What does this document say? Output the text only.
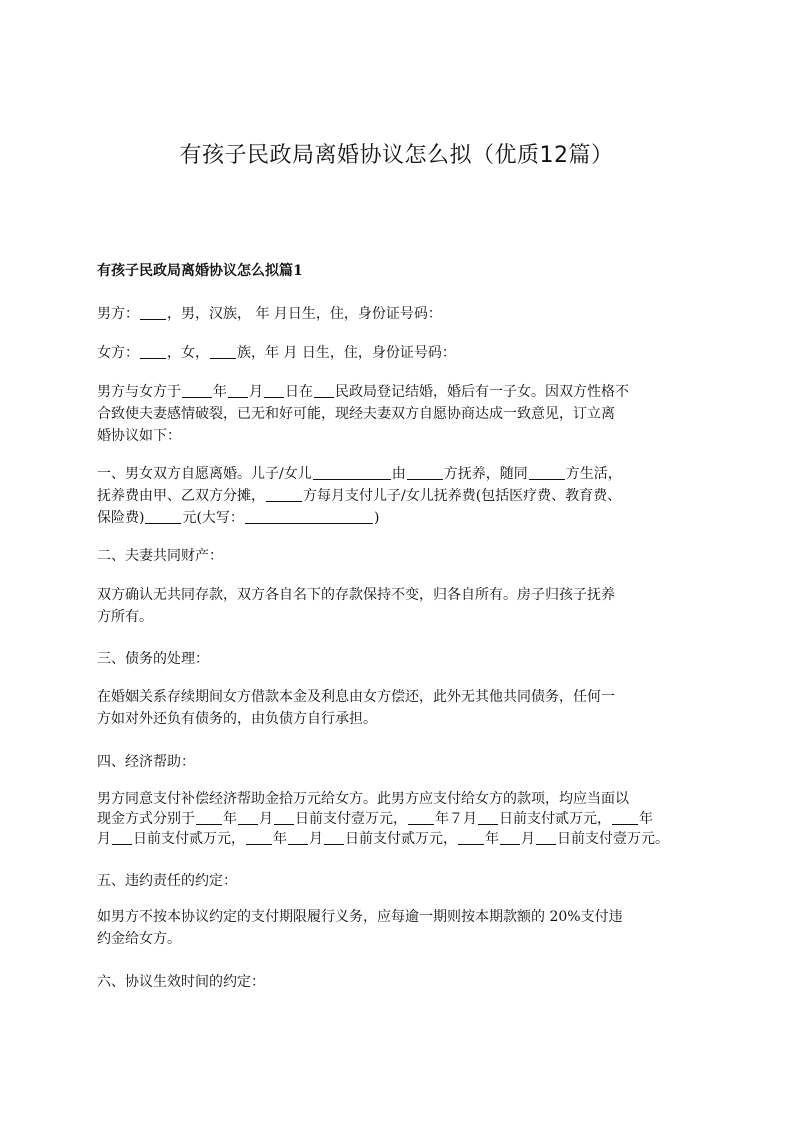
有孩子民政局离婚协议怎么拟（优质12篇）
有孩子民政局离婚协议怎么拟篇1
男方： ，男，汉族， 年 月日生，住，身份证号码：
女方： ，女， 族，年 月 日生，住，身份证号码：
男方与女方于 年 月 日在 民政局登记结婚，婚后有一子女。因双方性格不
合致使夫妻感情破裂，已无和好可能，现经夫妻双方自愿协商达成一致意见，订立离
婚协议如下：
一、男女双方自愿离婚。儿子/女儿	由	方抚养，随同	方生活，
抚养费由甲、乙双方分摊，	方每月支付儿子/女儿抚养费(包括医疗费、教育费、
保险费)	元(大写：	)
二、夫妻共同财产：
双方确认无共同存款，双方各自名下的存款保持不变，归各自所有。房子归孩子抚养
方所有。
三、债务的处理：
在婚姻关系存续期间女方借款本金及利息由女方偿还，此外无其他共同债务，任何一
方如对外还负有债务的，由负债方自行承担。
四、经济帮助：
男方同意支付补偿经济帮助金拾万元给女方。此男方应支付给女方的款项，均应当面以
现金方式分别于 年 月 日前支付壹万元， 年７月 日前支付贰万元， 年
月 日前支付贰万元， 年 月 日前支付贰万元， 年 月 日前支付壹万元。
五、违约责任的约定：
如男方不按本协议约定的支付期限履行义务，应每逾一期则按本期款额的 20%支付违
约金给女方。
六、协议生效时间的约定：
